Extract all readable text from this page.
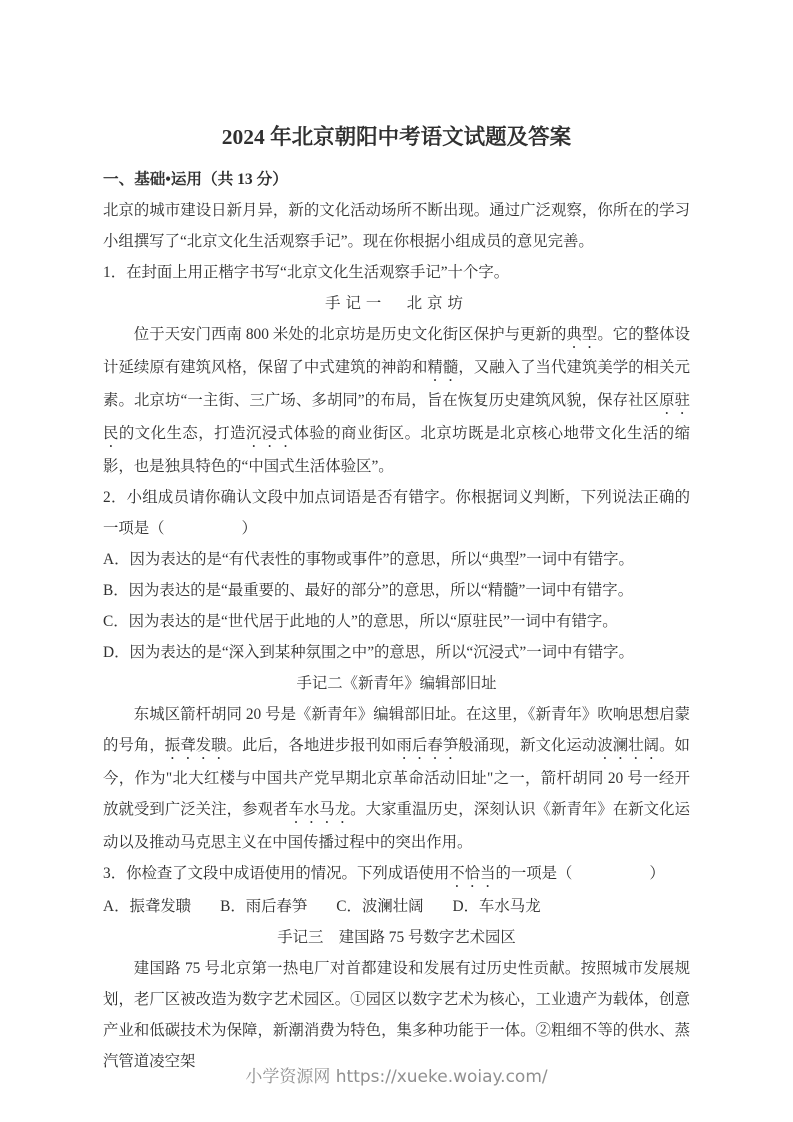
2024 年北京朝阳中考语文试题及答案
一、基础•运用（共 13 分）

北京的城市建设日新月异，新的文化活动场所不断出现。通过广泛观察，你所在的学习小组撰写了“北京文化生活观察手记”。现在你根据小组成员的意见完善。

1．在封面上用正楷字书写“北京文化生活观察手记”十个字。

手记一　北京坊

位于天安门西南 800 米处的北京坊是历史文化街区保护与更新的典型。它的整体设计延续原有建筑风格，保留了中式建筑的神韵和精髓，又融入了当代建筑美学的相关元素。北京坊“一主街、三广场、多胡同”的布局，旨在恢复历史建筑风貌，保存社区原驻民的文化生态，打造沉浸式体验的商业街区。北京坊既是北京核心地带文化生活的缩影，也是独具特色的“中国式生活体验区”。

2．小组成员请你确认文段中加点词语是否有错字。你根据词义判断，下列说法正确的一项是（　　　　　）

A．因为表达的是“有代表性的事物或事件”的意思，所以“典型”一词中有错字。

B．因为表达的是“最重要的、最好的部分”的意思，所以“精髓”一词中有错字。

C．因为表达的是“世代居于此地的人”的意思，所以“原驻民”一词中有错字。

D．因为表达的是“深入到某种氛围之中”的意思，所以“沉浸式”一词中有错字。

手记二《新青年》编辑部旧址

东城区箭杆胡同 20 号是《新青年》编辑部旧址。在这里，《新青年》吹响思想启蒙的号角，振聋发聩。此后，各地进步报刊如雨后春笋般涌现，新文化运动波澜壮阔。如今，作为"北大红楼与中国共产党早期北京革命活动旧址"之一，箭杆胡同 20 号一经开放就受到广泛关注，参观者车水马龙。大家重温历史，深刻认识《新青年》在新文化运动以及推动马克思主义在中国传播过程中的突出作用。

3．你检查了文段中成语使用的情况。下列成语使用不恰当的一项是（　　　　　）

A．振聋发聩 B．雨后春笋 C．波澜壮阔 D．车水马龙
手记三　建国路 75 号数字艺术园区

建国路 75 号北京第一热电厂对首都建设和发展有过历史性贡献。按照城市发展规划，老厂区被改造为数字艺术园区。①园区以数字艺术为核心，工业遗产为载体，创意产业和低碳技术为保障，新潮消费为特色，集多种功能于一体。②粗细不等的供水、蒸汽管道凌空架

小学资源网 https://xueke.woiay.com/
